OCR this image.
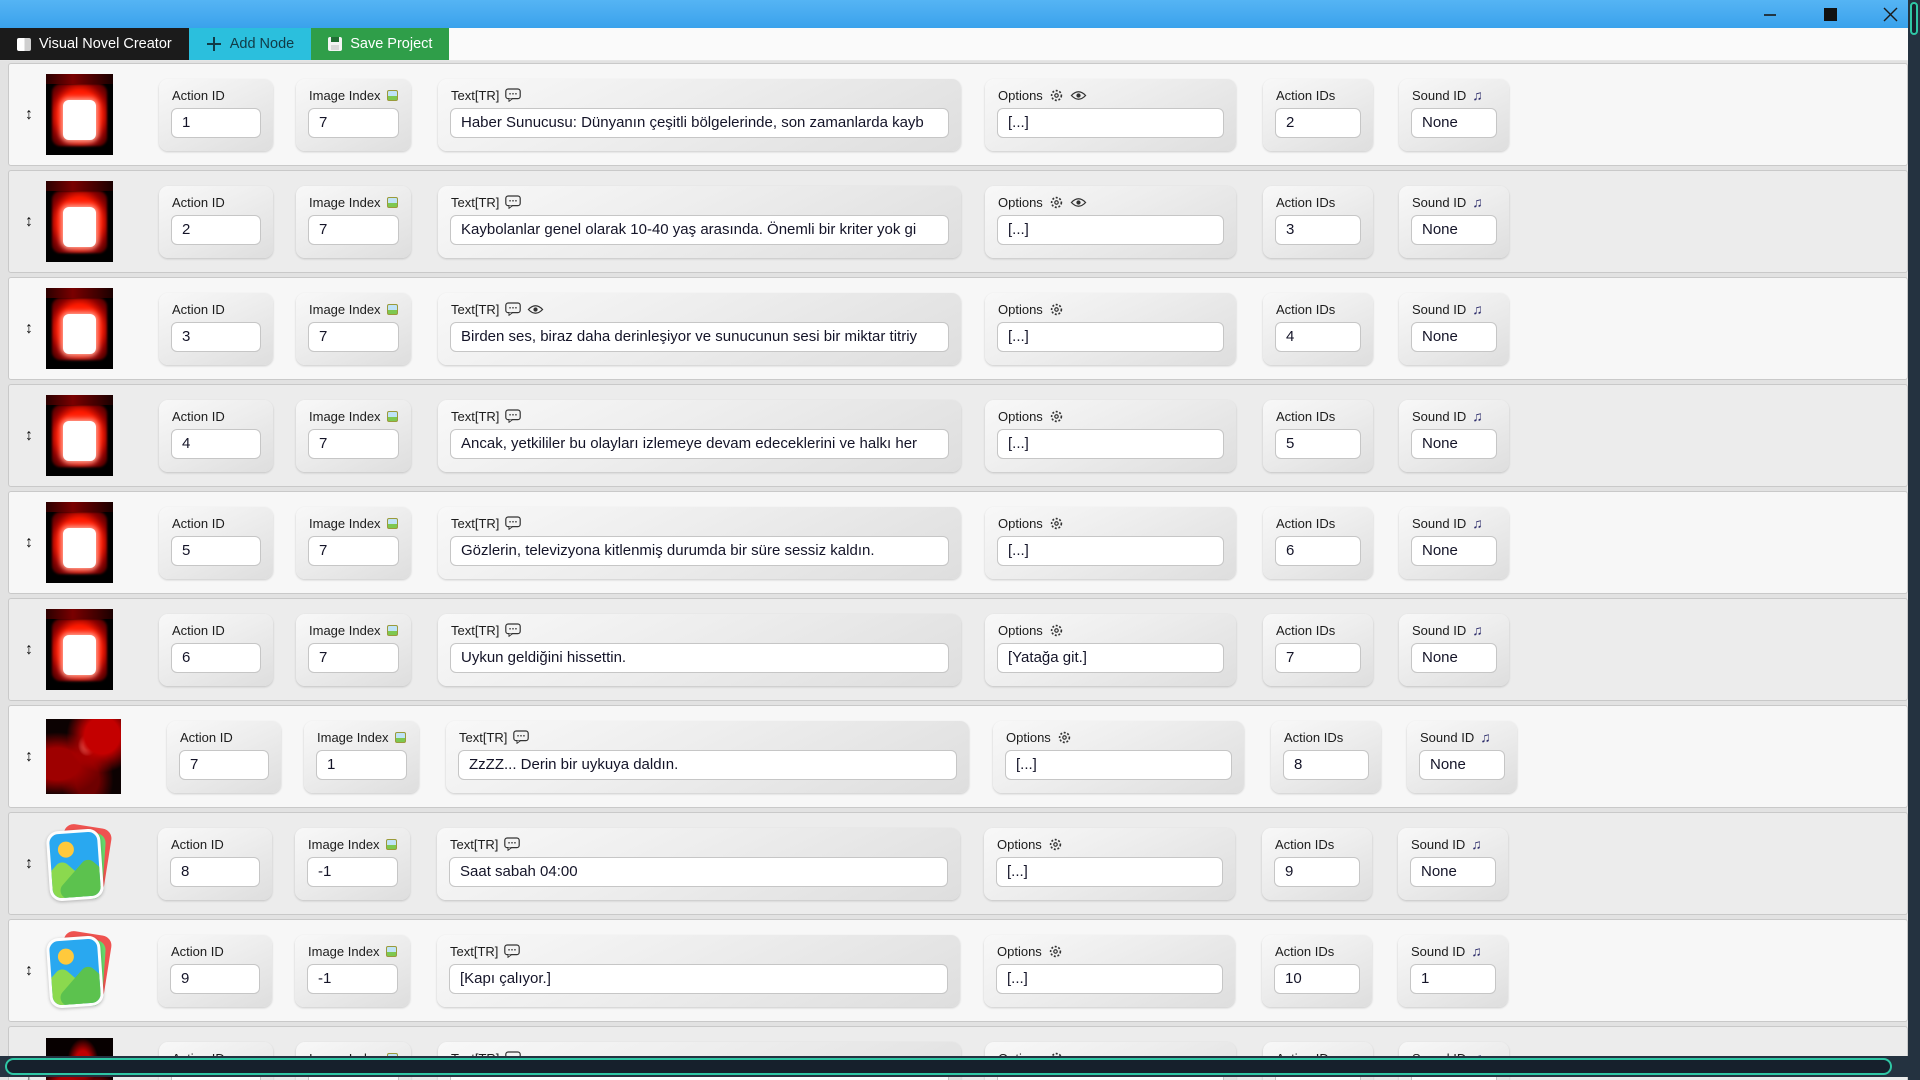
Visual Novel Creator	Add Node	Save Project
↕
Action ID
1	Image Index
7	Text[TR]
Haber Sunucusu: Dünyanın çeşitli bölgelerinde, son zamanlarda kayb	Options
[...]	Action IDs
2	Sound ID ♫
None
↕
Action ID
2	Image Index
7	Text[TR]
Kaybolanlar genel olarak 10-40 yaş arasında. Önemli bir kriter yok gi	Options
[...]	Action IDs
3	Sound ID ♫
None
↕
Action ID
3	Image Index
7	Text[TR]
Birden ses, biraz daha derinleşiyor ve sunucunun sesi bir miktar titriy	Options
[...]	Action IDs
4	Sound ID ♫
None
↕
Action ID
4	Image Index
7	Text[TR]
Ancak, yetkililer bu olayları izlemeye devam edeceklerini ve halkı her	Options
[...]	Action IDs
5	Sound ID ♫
None
↕
Action ID
5	Image Index
7	Text[TR]
Gözlerin, televizyona kitlenmiş durumda bir süre sessiz kaldın.	Options
[...]	Action IDs
6	Sound ID ♫
None
↕
Action ID
6	Image Index
7	Text[TR]
Uykun geldiğini hissettin.	Options
[Yatağa git.]	Action IDs
7	Sound ID ♫
None
↕
Action ID
7	Image Index
1	Text[TR]
ZzZZ... Derin bir uykuya daldın.	Options
[...]	Action IDs
8	Sound ID ♫
None
↕
Action ID
8	Image Index
-1	Text[TR]
Saat sabah 04:00	Options
[...]	Action IDs
9	Sound ID ♫
None
↕
Action ID
9	Image Index
-1	Text[TR]
[Kapı çalıyor.]	Options
[...]	Action IDs
10	Sound ID ♫
1
